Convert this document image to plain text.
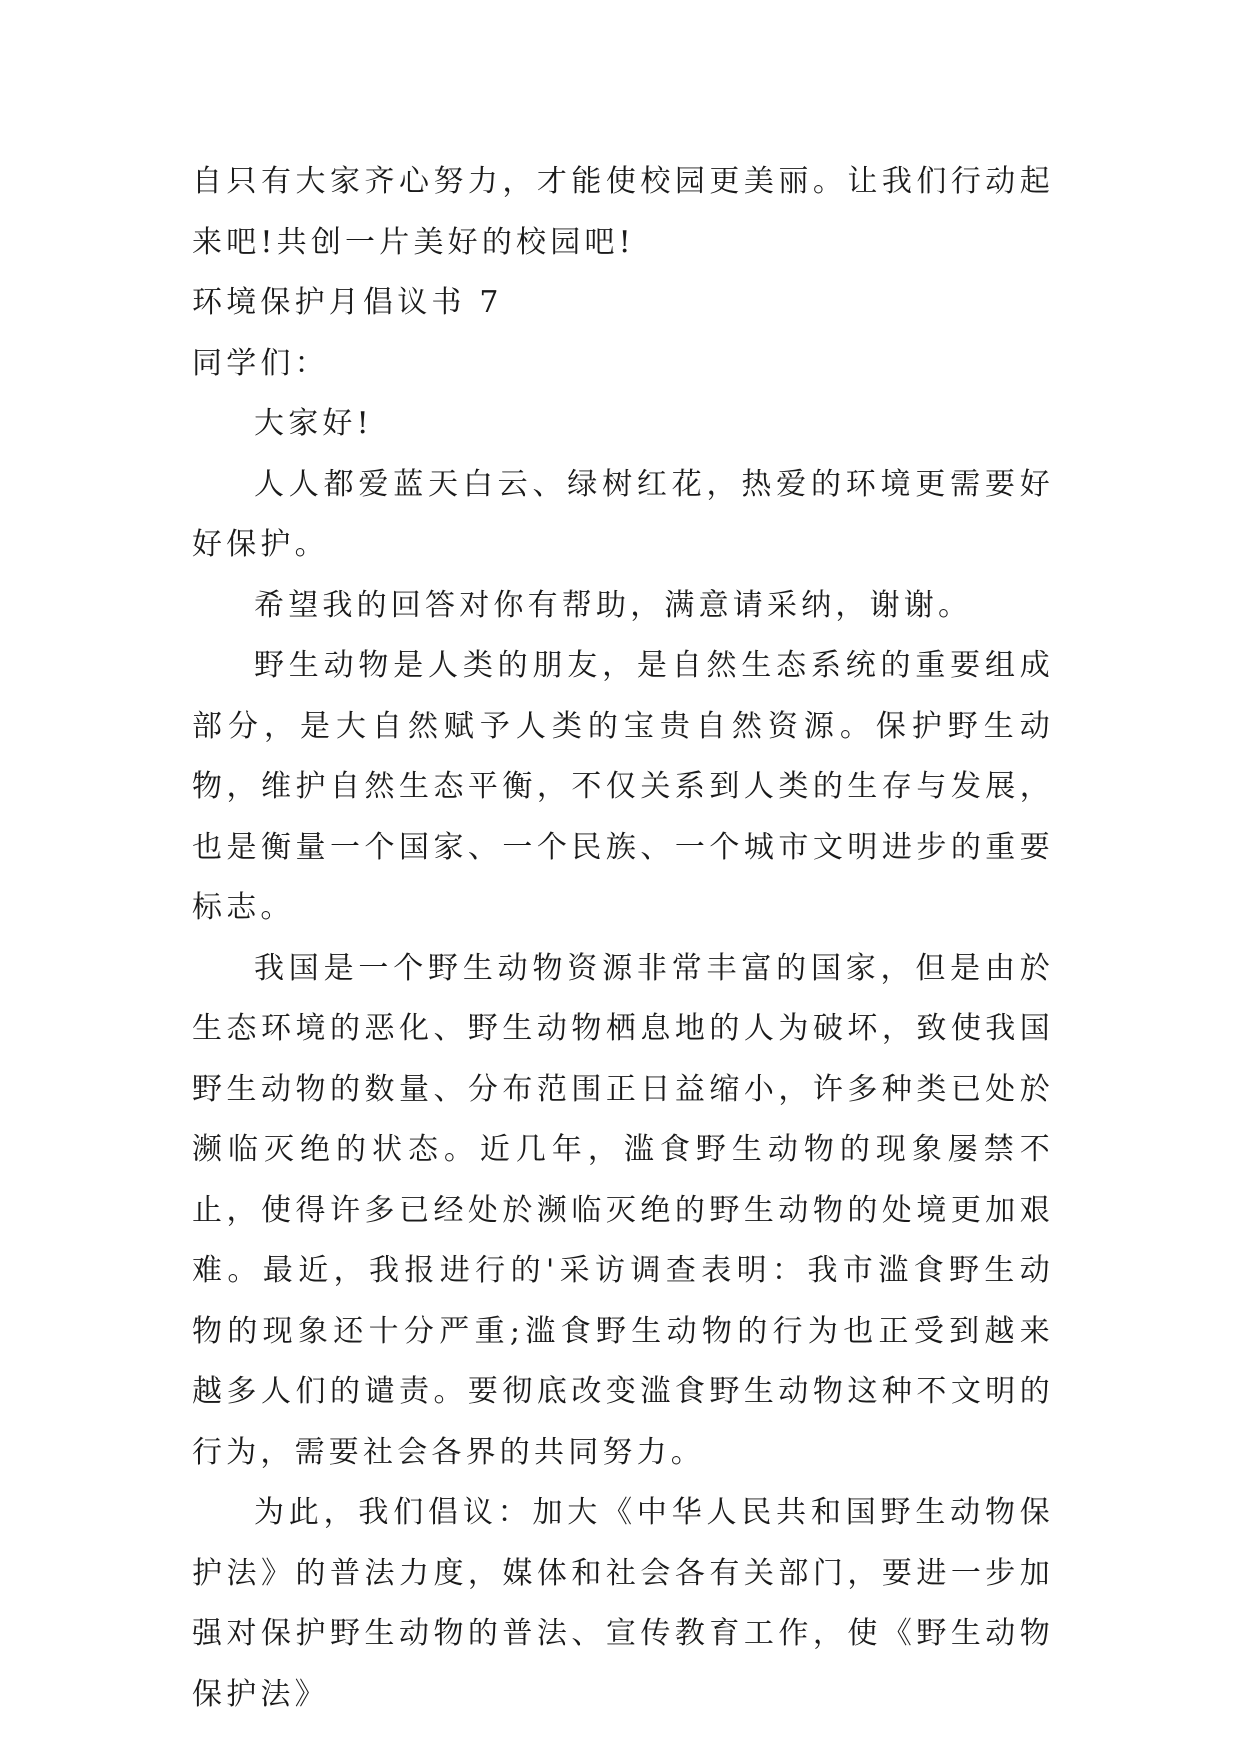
自只有大家齐心努力，才能使校园更美丽。让我们行动起来吧!共创一片美好的校园吧!

环境保护月倡议书 7

同学们：

大家好!

人人都爱蓝天白云、绿树红花，热爱的环境更需要好好保护。

希望我的回答对你有帮助，满意请采纳，谢谢。

野生动物是人类的朋友，是自然生态系统的重要组成部分，是大自然赋予人类的宝贵自然资源。保护野生动物，维护自然生态平衡，不仅关系到人类的生存与发展，也是衡量一个国家、一个民族、一个城市文明进步的重要标志。

我国是一个野生动物资源非常丰富的国家，但是由於生态环境的恶化、野生动物栖息地的人为破坏，致使我国野生动物的数量、分布范围正日益缩小，许多种类已处於濒临灭绝的状态。近几年，滥食野生动物的现象屡禁不止，使得许多已经处於濒临灭绝的野生动物的处境更加艰难。最近，我报进行的'采访调查表明：我市滥食野生动物的现象还十分严重;滥食野生动物的行为也正受到越来越多人们的谴责。要彻底改变滥食野生动物这种不文明的行为，需要社会各界的共同努力。

为此，我们倡议：加大《中华人民共和国野生动物保护法》的普法力度，媒体和社会各有关部门，要进一步加强对保护野生动物的普法、宣传教育工作，使《野生动物保护法》
